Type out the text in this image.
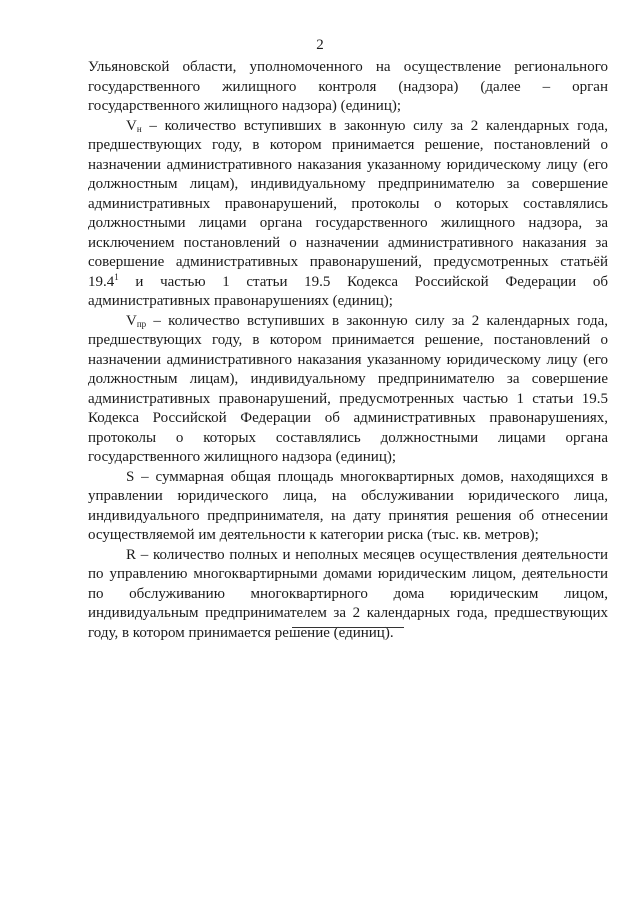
2

Ульяновской области, уполномоченного на осуществление регионального государственного жилищного контроля (надзора) (далее – орган государственного жилищного надзора) (единиц);

$V_н$ – количество вступивших в законную силу за 2 календарных года, предшествующих году, в котором принимается решение, постановлений о назначении административного наказания указанному юридическому лицу (его должностным лицам), индивидуальному предпринимателю за совершение административных правонарушений, протоколы о которых составлялись должностными лицами органа государственного жилищного надзора, за исключением постановлений о назначении административного наказания за совершение административных правонарушений, предусмотренных статьёй 19.4$^1$ и частью 1 статьи 19.5 Кодекса Российской Федерации об административных правонарушениях (единиц);

$V_{пр}$ – количество вступивших в законную силу за 2 календарных года, предшествующих году, в котором принимается решение, постановлений о назначении административного наказания указанному юридическому лицу (его должностным лицам), индивидуальному предпринимателю за совершение административных правонарушений, предусмотренных частью 1 статьи 19.5 Кодекса Российской Федерации об административных правонарушениях, протоколы о которых составлялись должностными лицами органа государственного жилищного надзора (единиц);

S – суммарная общая площадь многоквартирных домов, находящихся в управлении юридического лица, на обслуживании юридического лица, индивидуального предпринимателя, на дату принятия решения об отнесении осуществляемой им деятельности к категории риска (тыс. кв. метров);

R – количество полных и неполных месяцев осуществления деятельности по управлению многоквартирными домами юридическим лицом, деятельности по обслуживанию многоквартирного дома юридическим лицом, индивидуальным предпринимателем за 2 календарных года, предшествующих году, в котором принимается решение (единиц).
